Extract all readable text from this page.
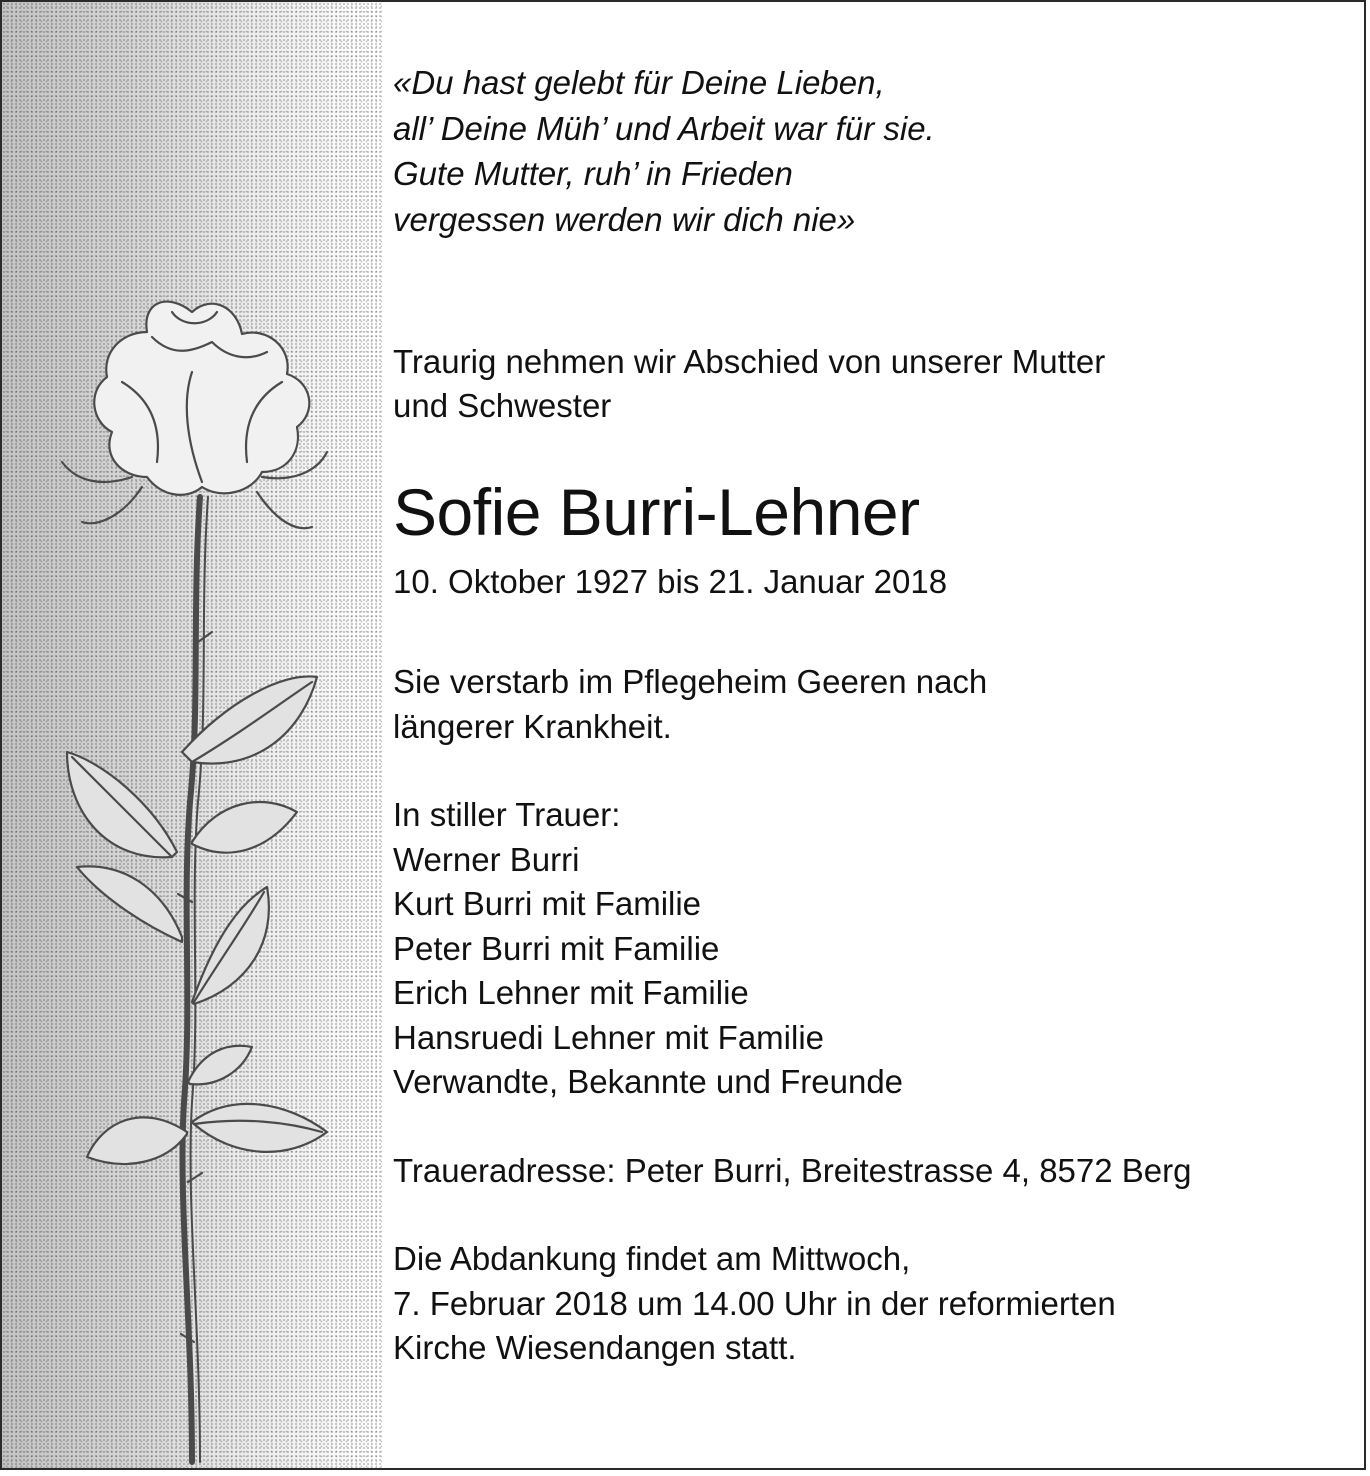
«Du hast gelebt für Deine Lieben,
all’ Deine Müh’ und Arbeit war für sie.
Gute Mutter, ruh’ in Frieden
vergessen werden wir dich nie»
Traurig nehmen wir Abschied von unserer Mutter
und Schwester
Sofie Burri-Lehner
10. Oktober 1927 bis 21. Januar 2018
Sie verstarb im Pflegeheim Geeren nach
längerer Krankheit.
In stiller Trauer:
Werner Burri
Kurt Burri mit Familie
Peter Burri mit Familie
Erich Lehner mit Familie
Hansruedi Lehner mit Familie
Verwandte, Bekannte und Freunde
Traueradresse: Peter Burri, Breitestrasse 4, 8572 Berg
Die Abdankung findet am Mittwoch,
7. Februar 2018 um 14.00 Uhr in der reformierten
Kirche Wiesendangen statt.
